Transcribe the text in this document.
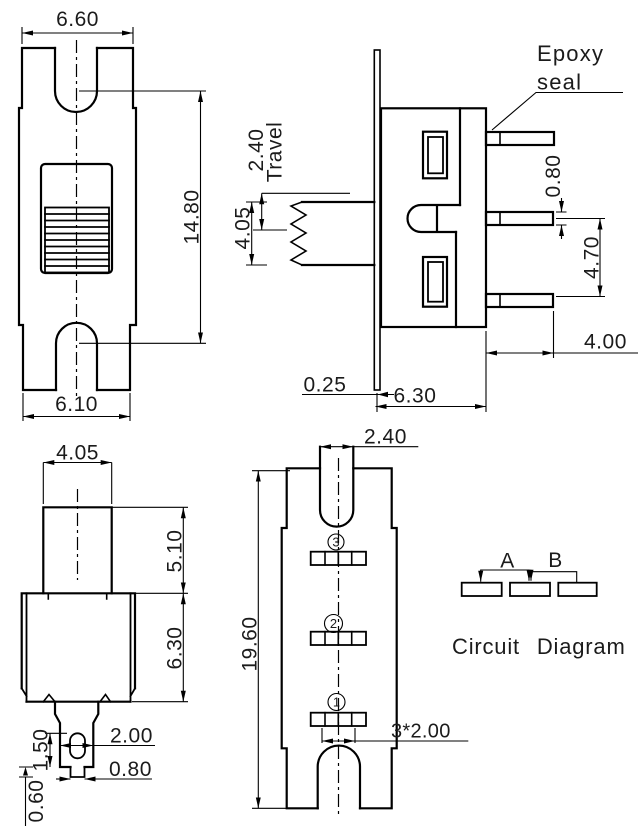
6.60
14.80
6.10
Epoxy
seal
2.40
Travel
4.05
0.80
4.70
4.00
0.25 6.30
4.05
5.10
6.30
1.50	2.00
0.80
0.60
3
2
1
2.40
19.60
3*2.00
A B
Circuit Diagram
